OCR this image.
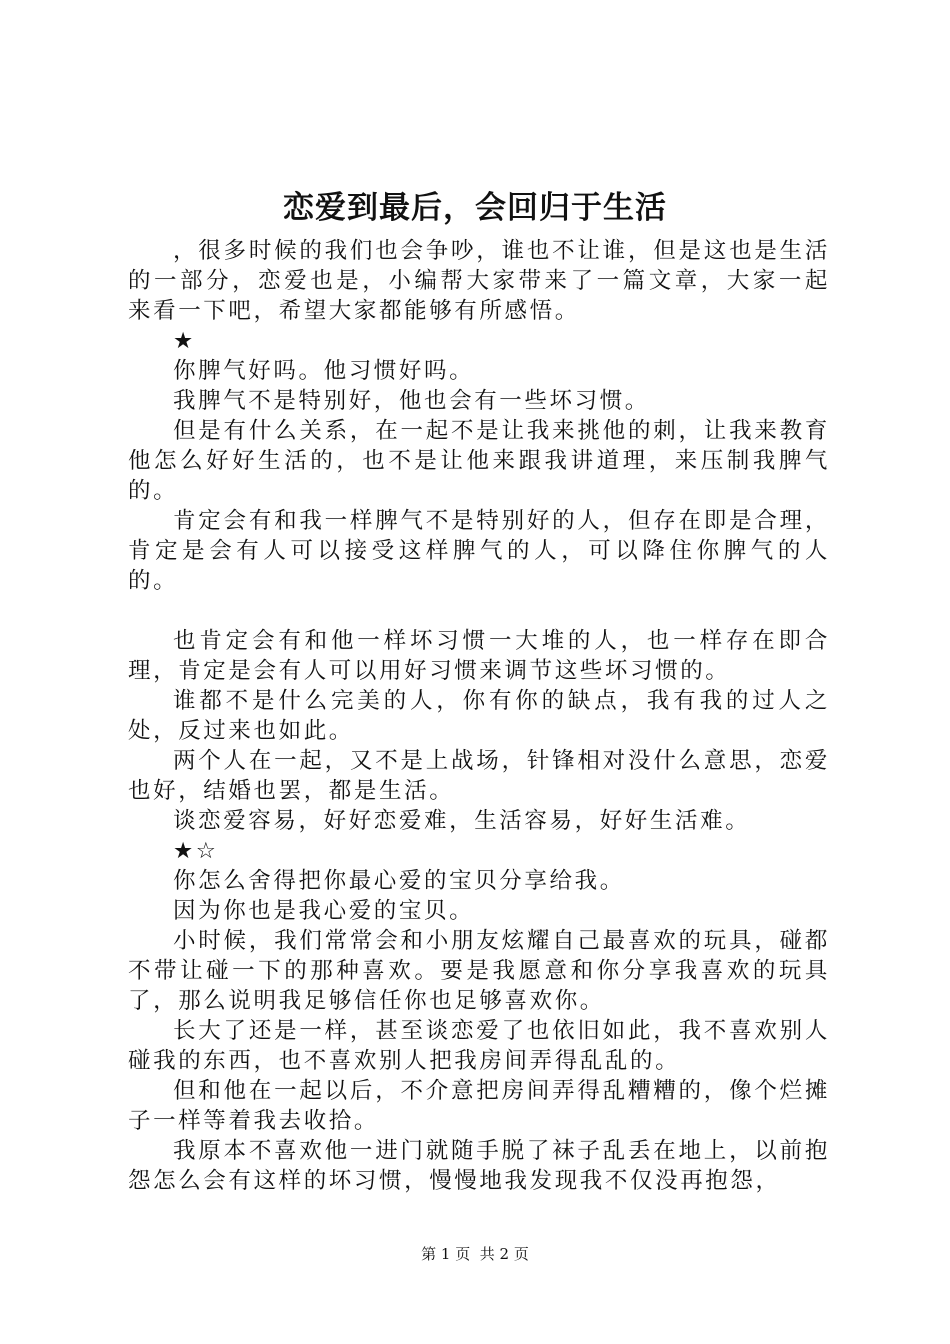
恋爱到最后，会回归于生活

，很多时候的我们也会争吵，谁也不让谁，但是这也是生活的一部分，恋爱也是，小编帮大家带来了一篇文章，大家一起来看一下吧，希望大家都能够有所感悟。

★

你脾气好吗。他习惯好吗。

我脾气不是特别好，他也会有一些坏习惯。

但是有什么关系，在一起不是让我来挑他的刺，让我来教育他怎么好好生活的，也不是让他来跟我讲道理，来压制我脾气的。

肯定会有和我一样脾气不是特别好的人，但存在即是合理，肯定是会有人可以接受这样脾气的人，可以降住你脾气的人的。

也肯定会有和他一样坏习惯一大堆的人，也一样存在即合理，肯定是会有人可以用好习惯来调节这些坏习惯的。

谁都不是什么完美的人，你有你的缺点，我有我的过人之处，反过来也如此。

两个人在一起，又不是上战场，针锋相对没什么意思，恋爱也好，结婚也罢，都是生活。

谈恋爱容易，好好恋爱难，生活容易，好好生活难。

★☆

你怎么舍得把你最心爱的宝贝分享给我。

因为你也是我心爱的宝贝。

小时候，我们常常会和小朋友炫耀自己最喜欢的玩具，碰都不带让碰一下的那种喜欢。要是我愿意和你分享我喜欢的玩具了，那么说明我足够信任你也足够喜欢你。

长大了还是一样，甚至谈恋爱了也依旧如此，我不喜欢别人碰我的东西，也不喜欢别人把我房间弄得乱乱的。

但和他在一起以后，不介意把房间弄得乱糟糟的，像个烂摊子一样等着我去收拾。

我原本不喜欢他一进门就随手脱了袜子乱丢在地上，以前抱怨怎么会有这样的坏习惯，慢慢地我发现我不仅没再抱怨，

第 1 页  共 2 页
